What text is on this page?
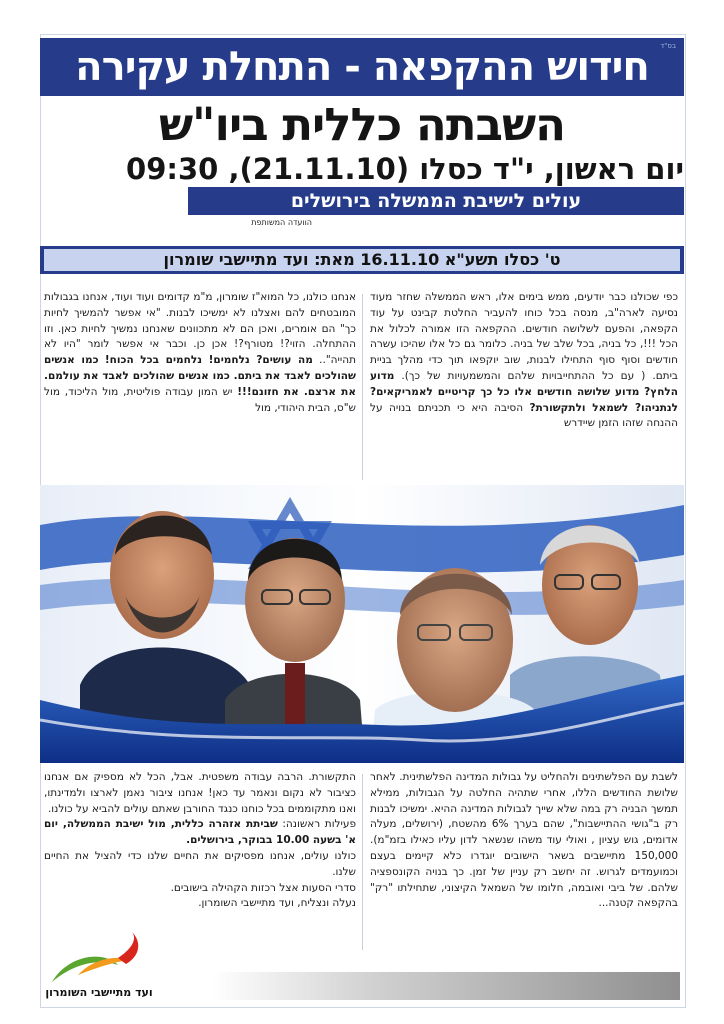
בס"ד
חידוש ההקפאה - התחלת עקירה
השבתה כללית ביו"ש
יום ראשון, י"ד כסלו (21.11.10), 09:30
עולים לישיבת הממשלה בירושלים
הוועדה המשותפת
ט' כסלו תשע"א 16.11.10 מאת: ועד מתיישבי שומרון
כפי שכולנו כבר יודעים, ממש בימים אלו, ראש הממשלה שחזר מעוד נסיעה לארה"ב, מנסה בכל כוחו להעביר החלטת קבינט על עוד הקפאה, והפעם לשלושה חודשים. ההקפאה הזו אמורה לכלול את הכל !!!, כל בניה, בכל שלב של בניה. כלומר גם כל אלו שהיכו עשרה חודשים וסוף סוף התחילו לבנות, שוב יוקפאו תוך כדי מהלך בניית ביתם. ( עם כל ההתחייבויות שלהם והמשמעויות של כך). מדוע הלחץ? מדוע שלושה חודשים אלו כל כך קריטיים לאמריקאים? לנתניהו? לשמאל ולתקשורת? הסיבה היא כי תכניתם בנויה על ההנחה שזהו הזמן שיידרש
אנחנו כולנו, כל המוא"ז שומרון, מ"מ קדומים ועוד ועוד, אנחנו בגבולות המובטחים להם ואצלנו לא ימשיכו לבנות. "אי אפשר להמשיך לחיות כך" הם אומרים, ואכן הם לא מתכוונים שאנחנו נמשיך לחיות כאן. וזו ההתחלה. הזוי?! מטורף?! אכן כן. וכבר אי אפשר לומר "היו לא תהייה".. מה עושים? נלחמים! נלחמים בכל הכוח! כמו אנשים שהולכים לאבד את ביתם. כמו אנשים שהולכים לאבד את עולמם. את ארצם. את חזונם!!! יש המון עבודה פוליטית, מול הליכוד, מול ש"ס, הבית היהודי, מול
לשבת עם הפלשתינים ולהחליט על גבולות המדינה הפלשתינית. לאחר שלושת החודשים הללו, אחרי שתהיה החלטה על הגבולות, ממילא תמשך הבניה רק במה שלא שייך לגבולות המדינה ההיא. ימשיכו לבנות רק ב"גושי ההתיישבות", שהם בערך 6% מהשטח, (ירושלים, מעלה אדומים, גוש עציון , ואולי עוד משהו שנשאר לדון עליו כאילו בזמ"מ). 150,000 מתיישבים בשאר הישובים יוגדרו כלא קיימים בעצם וכמועמדים לגרוש. זה יחשב רק עניין של זמן. כך בנויה הקונספציה שלהם. של ביבי ואובמה, חלומו של השמאל הקיצוני, שתחילתו "רק" בהקפאה קטנה...
התקשורת. הרבה עבודה משפטית. אבל, הכל לא מספיק אם אנחנו כציבור לא נקום ונאמר עד כאן! אנחנו ציבור נאמן לארצו ולמדינתו, ואנו מתקוממים בכל כוחנו כנגד החורבן שאתם עולים להביא על כולנו.
פעילות ראשונה: שביתת אזהרה כללית, מול ישיבת הממשלה, יום א' בשעה 10.00 בבוקר, בירושלים.
כולנו עולים, אנחנו מפסיקים את החיים שלנו כדי להציל את החיים שלנו.
סדרי הסעות אצל רכזות הקהילה בישובים.
נעלה ונצליח, ועד מתיישבי השומרון.
ועד מתיישבי השומרון
